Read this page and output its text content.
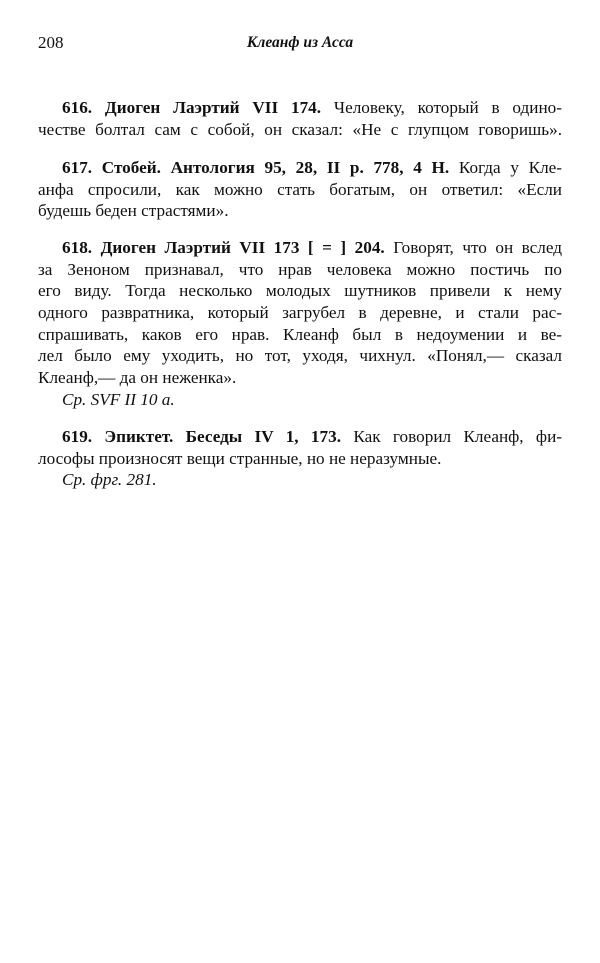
208	Клеанф из Асса
616. Диоген Лаэртий VII 174. Человеку, который в одино-
честве болтал сам с собой, он сказал: «Не с глупцом говоришь».
617. Стобей. Антология 95, 28, II р. 778, 4 Н. Когда у Кле-
анфа спросили, как можно стать богатым, он ответил: «Если
будешь беден страстями».
618. Диоген Лаэртий VII 173 [ = ] 204. Говорят, что он вслед
за Зеноном признавал, что нрав человека можно постичь по
его виду. Тогда несколько молодых шутников привели к нему
одного развратника, который загрубел в деревне, и стали рас-
спрашивать, каков его нрав. Клеанф был в недоумении и ве-
лел было ему уходить, но тот, уходя, чихнул. «Понял,— сказал
Клеанф,— да он неженка».
Ср. SVF II 10 a.
619. Эпиктет. Беседы IV 1, 173. Как говорил Клеанф, фи-
лософы произносят вещи странные, но не неразумные.
Ср. фрг. 281.
